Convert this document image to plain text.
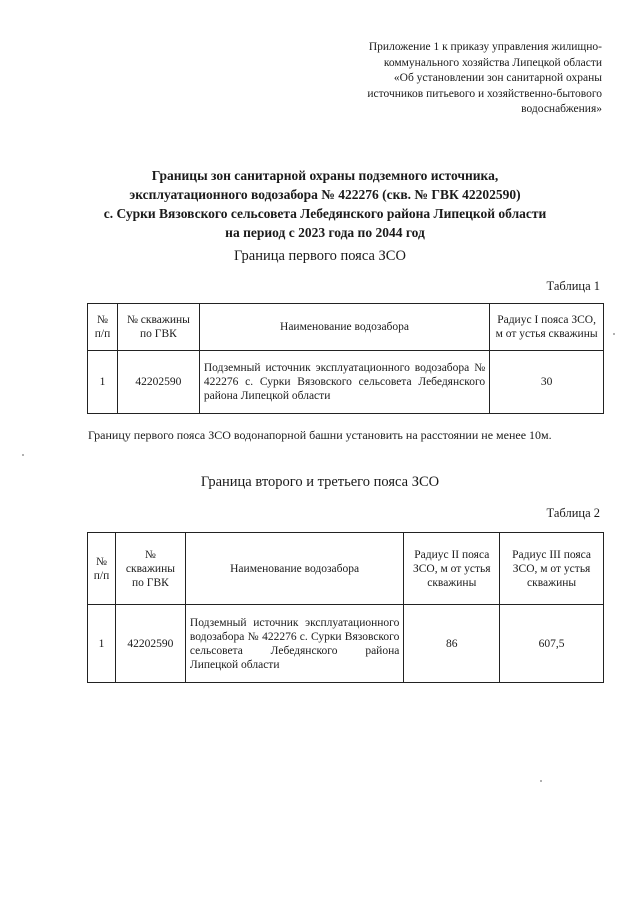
Приложение 1 к приказу управления жилищно-
коммунального хозяйства Липецкой области
«Об установлении зон санитарной охраны
источников питьевого и хозяйственно-бытового
водоснабжения»
Границы зон санитарной охраны подземного источника,
эксплуатационного водозабора № 422276 (скв. № ГВК 42202590)
с. Сурки Вязовского сельсовета Лебедянского района Липецкой области
на период с 2023 года по 2044 год
Граница первого пояса ЗСО
Таблица 1
№ п/п	№ скважины по ГВК	Наименование водозабора	Радиус I пояса ЗСО, м от устья скважины
1	42202590	Подземный источник эксплуатационного водозабора № 422276 с. Сурки Вязовского сельсовета Лебедянского района Липецкой области	30
Границу первого пояса ЗСО водонапорной башни установить на расстоянии не менее 10м.
Граница второго и третьего пояса ЗСО
Таблица 2
№ п/п	№ скважины по ГВК	Наименование водозабора	Радиус II пояса ЗСО, м от устья скважины	Радиус III пояса ЗСО, м от устья скважины
1	42202590	Подземный источник эксплуатационного водозабора № 422276 с. Сурки Вязовского сельсовета Лебедянского района Липецкой области	86	607,5
